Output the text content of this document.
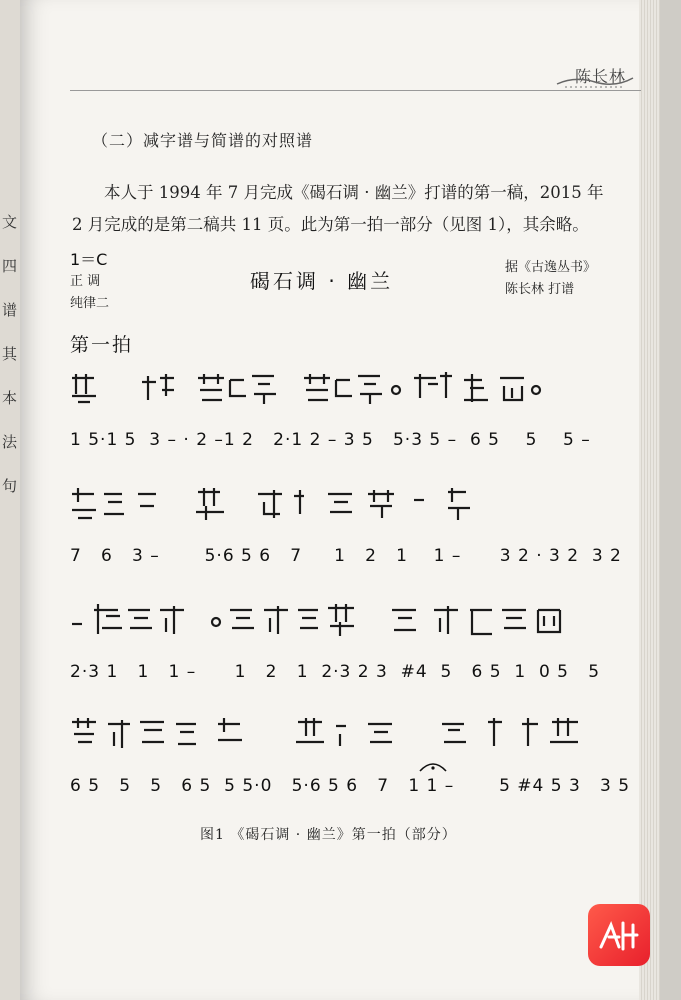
文
四
谱
其
本
法
句
陈长林
（二）减字谱与简谱的对照谱
本人于 1994 年 7 月完成《碣石调 · 幽兰》打谱的第一稿，2015 年 2 月完成的是第二稿共 11 页。此为第一拍一部分（见图 1），其余略。
1＝C
正 调
纯律二
碣石调 · 幽兰
据《古逸丛书》
陈长林 打谱
第一拍
1 5·1 5  3 – · 2 –1 2   2·1 2 – 3 5   5·3 5 –  6 5    5    5 –
7   6   3 –       5·6 5 6   7     1   2   1    1 –      3 2 · 3 2  3 2
2·3 1   1   1 –      1   2   1  2·3 2 3  #4  5   6 5  1  0 5   5
6 5   5   5   6 5  5 5·0   5·6 5 6   7   1 1 –       5 #4 5 3   3 5
图1 《碣石调 · 幽兰》第一拍（部分）
